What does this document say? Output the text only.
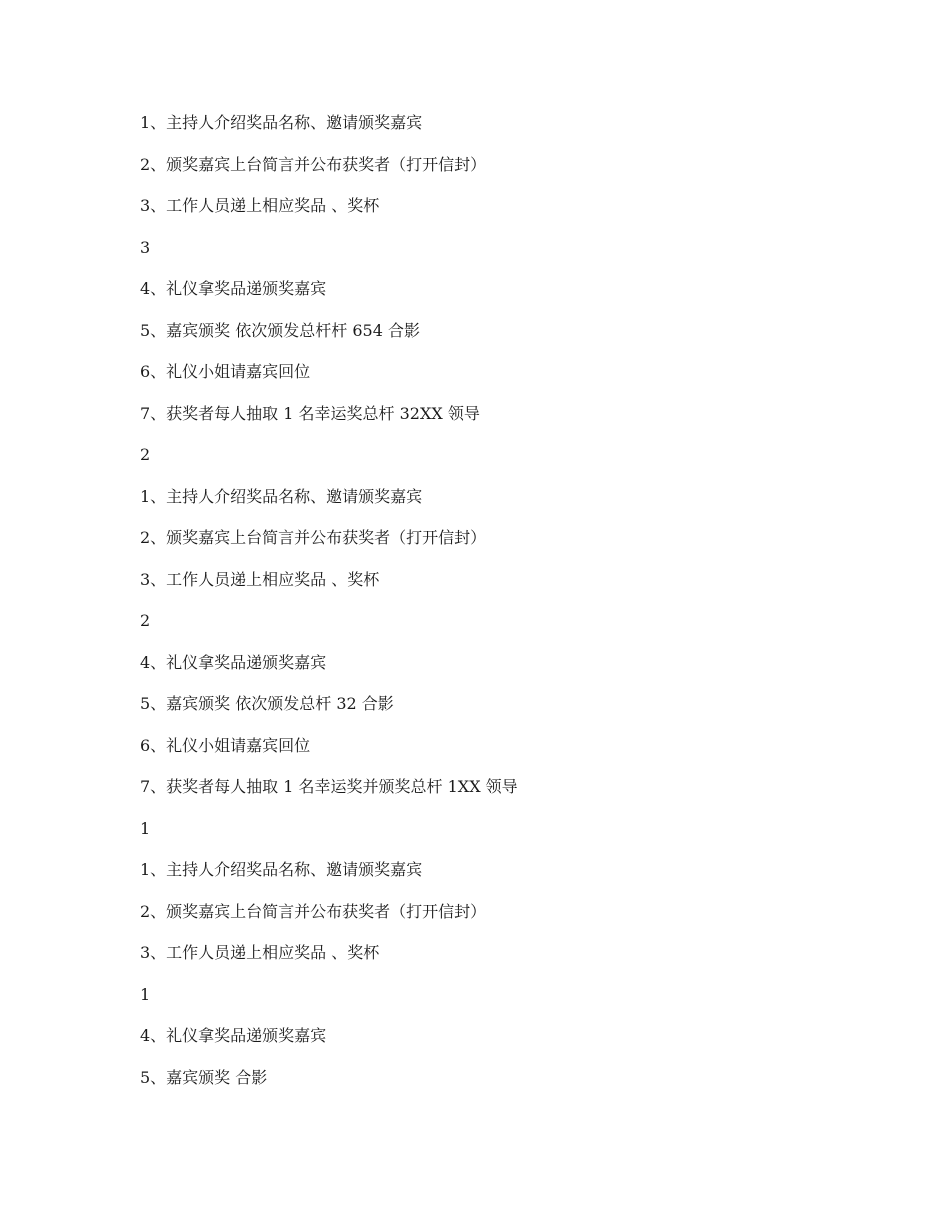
1、主持人介绍奖品名称、邀请颁奖嘉宾
2、颁奖嘉宾上台简言并公布获奖者（打开信封）
3、工作人员递上相应奖品 、奖杯
3
4、礼仪拿奖品递颁奖嘉宾
5、嘉宾颁奖 依次颁发总杆杆 654 合影
6、礼仪小姐请嘉宾回位
7、获奖者每人抽取 1 名幸运奖总杆 32XX 领导
2
1、主持人介绍奖品名称、邀请颁奖嘉宾
2、颁奖嘉宾上台简言并公布获奖者（打开信封）
3、工作人员递上相应奖品 、奖杯
2
4、礼仪拿奖品递颁奖嘉宾
5、嘉宾颁奖 依次颁发总杆 32 合影
6、礼仪小姐请嘉宾回位
7、获奖者每人抽取 1 名幸运奖并颁奖总杆 1XX 领导
1
1、主持人介绍奖品名称、邀请颁奖嘉宾
2、颁奖嘉宾上台简言并公布获奖者（打开信封）
3、工作人员递上相应奖品 、奖杯
1
4、礼仪拿奖品递颁奖嘉宾
5、嘉宾颁奖 合影
